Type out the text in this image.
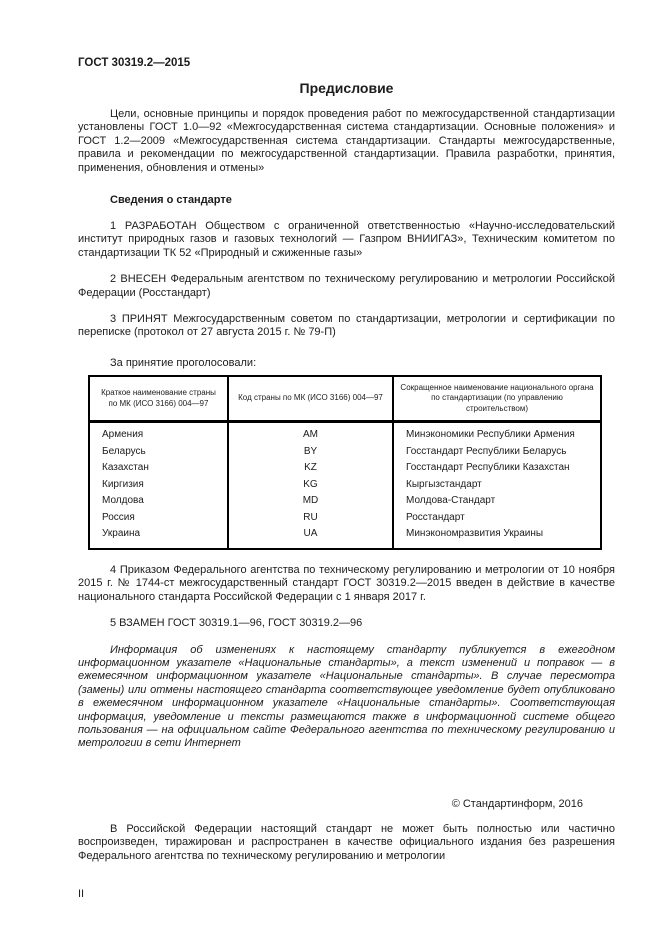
ГОСТ 30319.2—2015
Предисловие

Цели, основные принципы и порядок проведения работ по межгосударственной стандартизации установлены ГОСТ 1.0—92 «Межгосударственная система стандартизации. Основные положения» и ГОСТ 1.2—2009 «Межгосударственная система стандартизации. Стандарты межгосударственные, правила и рекомендации по межгосударственной стандартизации. Правила разработки, принятия, применения, обновления и отмены»

Сведения о стандарте

1 РАЗРАБОТАН Обществом с ограниченной ответственностью «Научно-исследовательский институт природных газов и газовых технологий — Газпром ВНИИГАЗ», Техническим комитетом по стандартизации ТК 52 «Природный и сжиженные газы»

2 ВНЕСЕН Федеральным агентством по техническому регулированию и метрологии Российской Федерации (Росстандарт)

3 ПРИНЯТ Межгосударственным советом по стандартизации, метрологии и сертификации по переписке (протокол от 27 августа 2015 г. № 79-П)

За принятие проголосовали:
Краткое наименование страны по МК (ИСО 3166) 004—97	Код страны по МК (ИСО 3166) 004—97	Сокращенное наименование национального органа по стандартизации (по управлению строительством)
Армения	AM	Минэкономики Республики Армения
Беларусь	BY	Госстандарт Республики Беларусь
Казахстан	KZ	Госстандарт Республики Казахстан
Киргизия	KG	Кыргызстандарт
Молдова	MD	Молдова-Стандарт
Россия	RU	Росстандарт
Украина	UA	Минэкономразвития Украины

4 Приказом Федерального агентства по техническому регулированию и метрологии от 10 ноября 2015 г. № 1744-ст межгосударственный стандарт ГОСТ 30319.2—2015 введен в действие в качестве национального стандарта Российской Федерации с 1 января 2017 г.

5 ВЗАМЕН ГОСТ 30319.1—96, ГОСТ 30319.2—96

Информация об изменениях к настоящему стандарту публикуется в ежегодном информационном указателе «Национальные стандарты», а текст изменений и поправок — в ежемесячном информационном указателе «Национальные стандарты». В случае пересмотра (замены) или отмены настоящего стандарта соответствующее уведомление будет опубликовано в ежемесячном информационном указателе «Национальные стандарты». Соответствующая информация, уведомление и тексты размещаются также в информационной системе общего пользования — на официальном сайте Федерального агентства по техническому регулированию и метрологии в сети Интернет

© Стандартинформ, 2016

В Российской Федерации настоящий стандарт не может быть полностью или частично воспроизведен, тиражирован и распространен в качестве официального издания без разрешения Федерального агентства по техническому регулированию и метрологии

II
